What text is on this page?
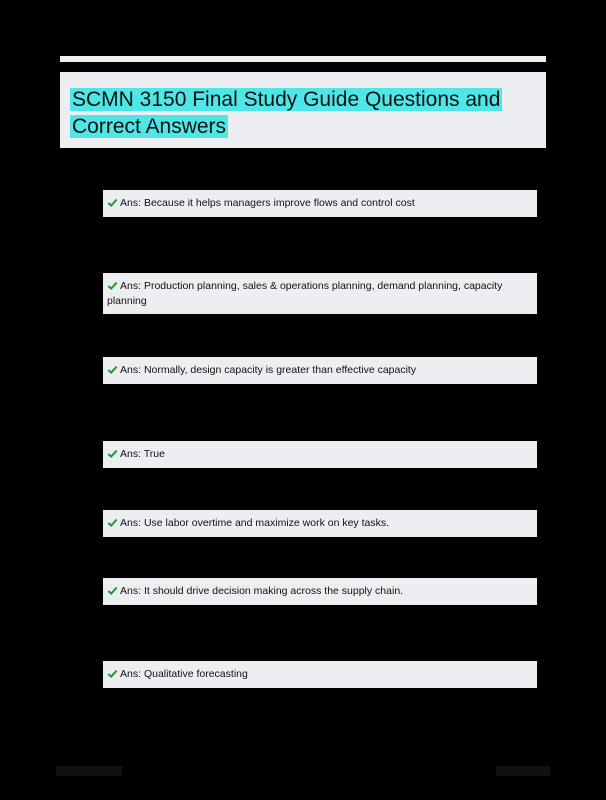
SCMN 3150 Final Study Guide Questions and Correct Answers
Ans: Because it helps managers improve flows and control cost
Ans: Production planning, sales & operations planning, demand planning, capacity planning
Ans: Normally, design capacity is greater than effective capacity
Ans: True
Ans: Use labor overtime and maximize work on key tasks.
Ans: It should drive decision making across the supply chain.
Ans: Qualitative forecasting
